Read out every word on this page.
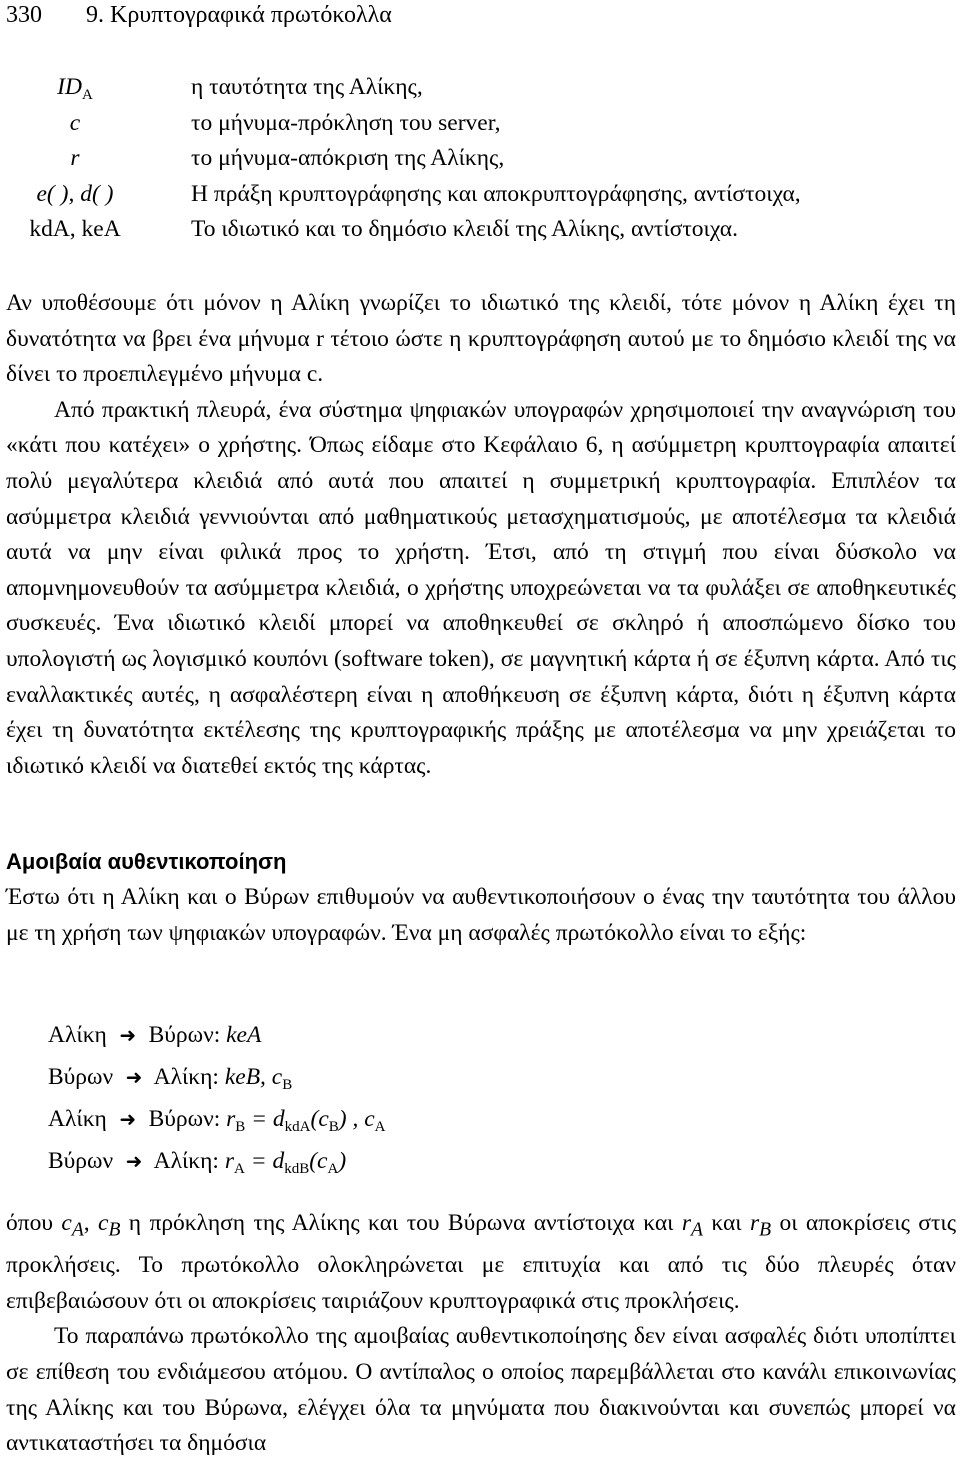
330 9. Κρυπτογραφικά πρωτόκολλα
$ID_A$	η ταυτότητα της Αλίκης,
c	το μήνυμα-πρόκληση του server,
r	το μήνυμα-απόκριση της Αλίκης,
e( ), d( )	Η πράξη κρυπτογράφησης και αποκρυπτογράφησης, αντίστοιχα,
kdA, keA	Το ιδιωτικό και το δημόσιο κλειδί της Αλίκης, αντίστοιχα.

Αν υποθέσουμε ότι μόνον η Αλίκη γνωρίζει το ιδιωτικό της κλειδί, τότε μόνον η Αλίκη έχει τη δυνατότητα να βρει ένα μήνυμα r τέτοιο ώστε η κρυπτογράφηση αυτού με το δημόσιο κλειδί της να δίνει το προεπιλεγμένο μήνυμα c.

Από πρακτική πλευρά, ένα σύστημα ψηφιακών υπογραφών χρησιμοποιεί την αναγνώριση του «κάτι που κατέχει» ο χρήστης. Όπως είδαμε στο Κεφάλαιο 6, η ασύμμετρη κρυπτογραφία απαιτεί πολύ μεγαλύτερα κλειδιά από αυτά που απαιτεί η συμμετρική κρυπτογραφία. Επιπλέον τα ασύμμετρα κλειδιά γεννιούνται από μαθηματικούς μετασχηματισμούς, με αποτέλεσμα τα κλειδιά αυτά να μην είναι φιλικά προς το χρήστη. Έτσι, από τη στιγμή που είναι δύσκολο να απομνημονευθούν τα ασύμμετρα κλειδιά, ο χρήστης υποχρεώνεται να τα φυλάξει σε αποθηκευτικές συσκευές. Ένα ιδιωτικό κλειδί μπορεί να αποθηκευθεί σε σκληρό ή αποσπώμενο δίσκο του υπολογιστή ως λογισμικό κουπόνι (software token), σε μαγνητική κάρτα ή σε έξυπνη κάρτα. Από τις εναλλακτικές αυτές, η ασφαλέστερη είναι η αποθήκευση σε έξυπνη κάρτα, διότι η έξυπνη κάρτα έχει τη δυνατότητα εκτέλεσης της κρυπτογραφικής πράξης με αποτέλεσμα να μην χρειάζεται το ιδιωτικό κλειδί να διατεθεί εκτός της κάρτας.

Αμοιβαία αυθεντικοποίηση

Έστω ότι η Αλίκη και ο Βύρων επιθυμούν να αυθεντικοποιήσουν ο ένας την ταυτότητα του άλλου με τη χρήση των ψηφιακών υπογραφών. Ένα μη ασφαλές πρωτόκολλο είναι το εξής:

Αλίκη ➜ Βύρων: keA
Βύρων ➜ Αλίκη: keB, $c_B$
Αλίκη ➜ Βύρων: $r_B = d_{kdA}(c_B)$ , $c_A$
Βύρων ➜ Αλίκη: $r_A = d_{kdB}(c_A)$

όπου $c_A$, $c_B$ η πρόκληση της Αλίκης και του Βύρωνα αντίστοιχα και $r_A$ και $r_B$ οι αποκρίσεις στις προκλήσεις. Το πρωτόκολλο ολοκληρώνεται με επιτυχία και από τις δύο πλευρές όταν επιβεβαιώσουν ότι οι αποκρίσεις ταιριάζουν κρυπτογραφικά στις προκλήσεις.

Το παραπάνω πρωτόκολλο της αμοιβαίας αυθεντικοποίησης δεν είναι ασφαλές διότι υποπίπτει σε επίθεση του ενδιάμεσου ατόμου. Ο αντίπαλος ο οποίος παρεμβάλλεται στο κανάλι επικοινωνίας της Αλίκης και του Βύρωνα, ελέγχει όλα τα μηνύματα που διακινούνται και συνεπώς μπορεί να αντικαταστήσει τα δημόσια
